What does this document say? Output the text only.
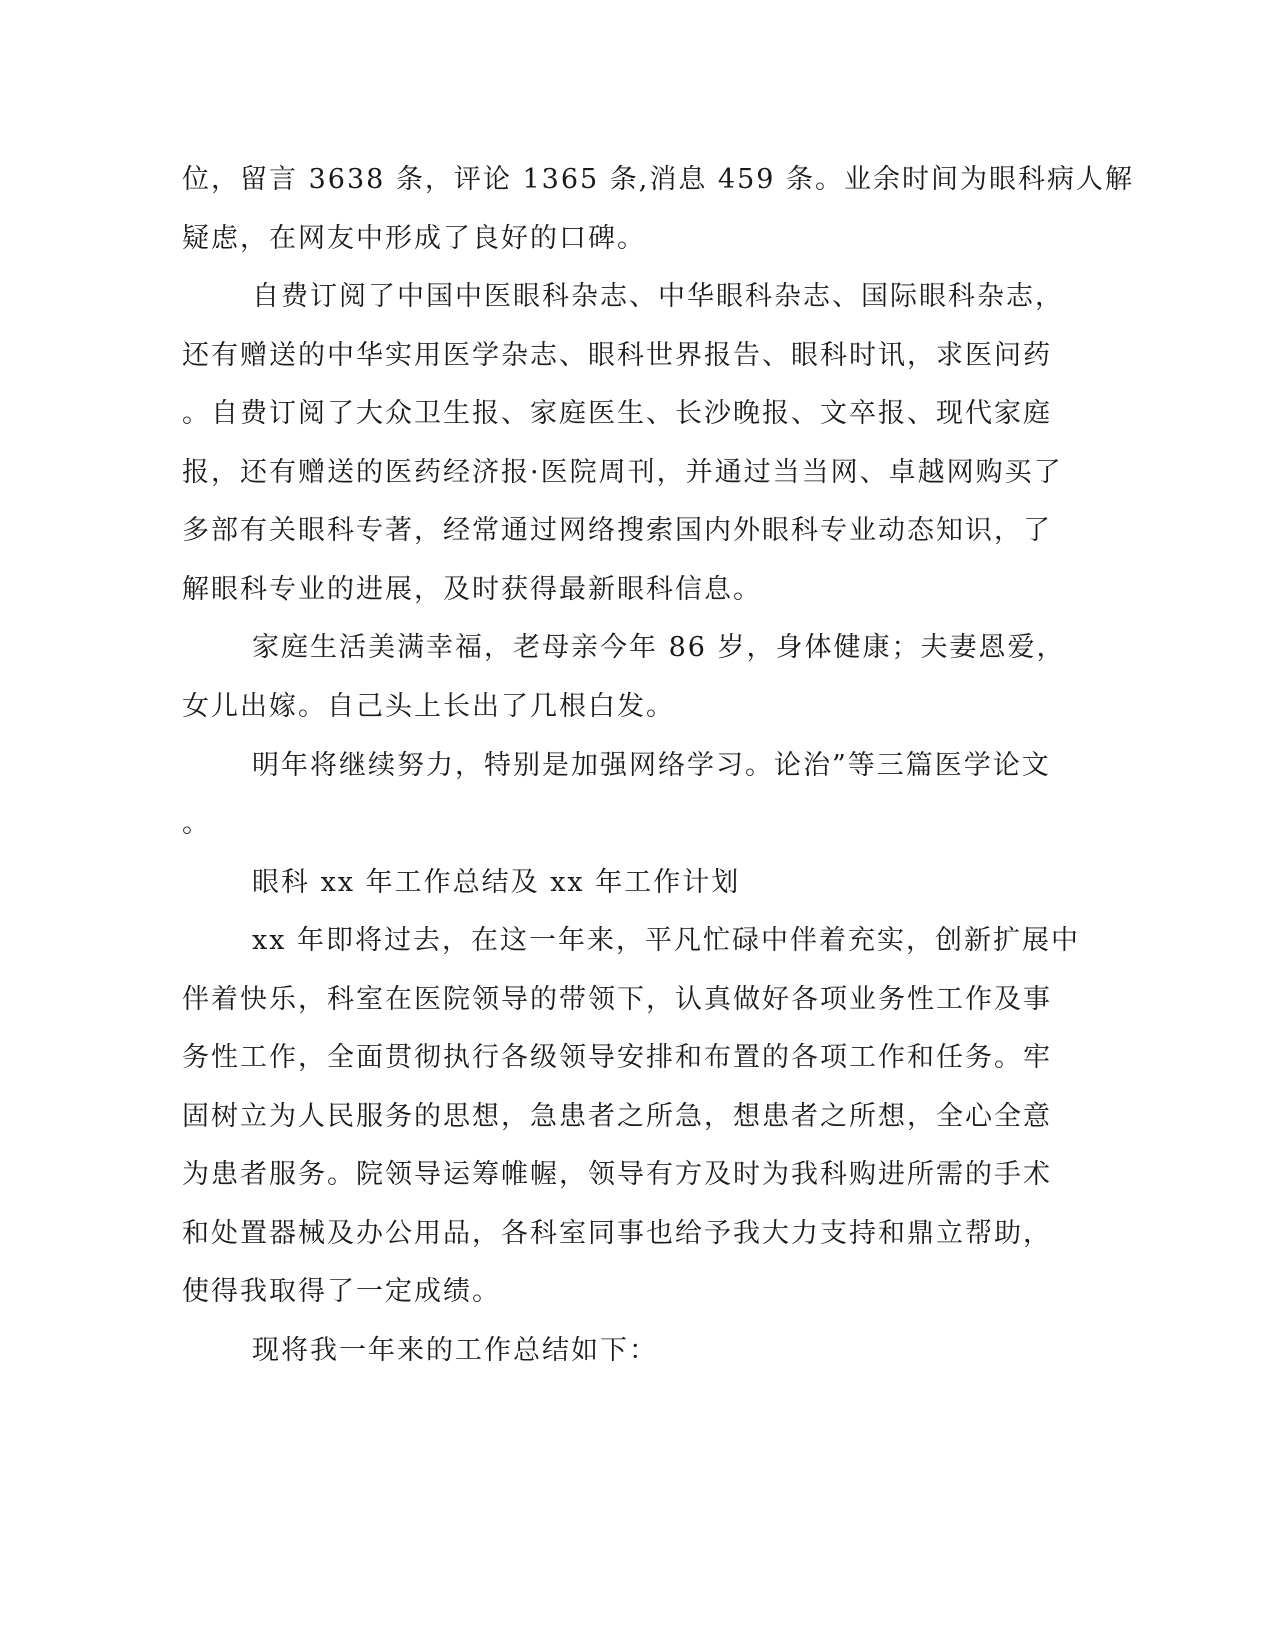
位，留言 3638 条，评论 1365 条,消息 459 条。业余时间为眼科病人解

疑虑，在网友中形成了良好的口碑。

自费订阅了中国中医眼科杂志、中华眼科杂志、国际眼科杂志，

还有赠送的中华实用医学杂志、眼科世界报告、眼科时讯，求医问药

。自费订阅了大众卫生报、家庭医生、长沙晚报、文卒报、现代家庭

报，还有赠送的医药经济报·医院周刊，并通过当当网、卓越网购买了

多部有关眼科专著，经常通过网络搜索国内外眼科专业动态知识，了

解眼科专业的进展，及时获得最新眼科信息。

家庭生活美满幸福，老母亲今年 86 岁，身体健康；夫妻恩爱，

女儿出嫁。自己头上长出了几根白发。

明年将继续努力，特别是加强网络学习。论治”等三篇医学论文

。

眼科 xx 年工作总结及 xx 年工作计划

xx 年即将过去，在这一年来，平凡忙碌中伴着充实，创新扩展中

伴着快乐，科室在医院领导的带领下，认真做好各项业务性工作及事

务性工作，全面贯彻执行各级领导安排和布置的各项工作和任务。牢

固树立为人民服务的思想，急患者之所急，想患者之所想，全心全意

为患者服务。院领导运筹帷幄，领导有方及时为我科购进所需的手术

和处置器械及办公用品，各科室同事也给予我大力支持和鼎立帮助，

使得我取得了一定成绩。

现将我一年来的工作总结如下：
